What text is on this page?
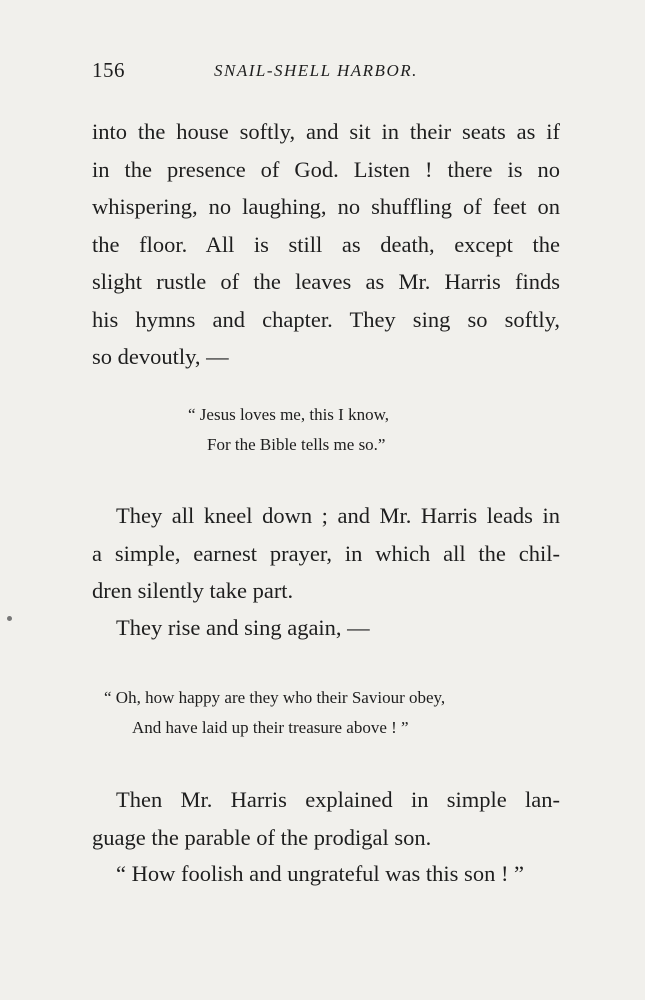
156	SNAIL-SHELL HARBOR.
into the house softly, and sit in their seats as if
in the presence of God. Listen ! there is no
whispering, no laughing, no shuffling of feet on
the floor. All is still as death, except the
slight rustle of the leaves as Mr. Harris finds
his hymns and chapter. They sing so softly,
so devoutly, —
“ Jesus loves me, this I know,
For the Bible tells me so.”
They all kneel down ; and Mr. Harris leads in
a simple, earnest prayer, in which all the chil-
dren silently take part.
They rise and sing again, —
“ Oh, how happy are they who their Saviour obey,
And have laid up their treasure above ! ”
Then Mr. Harris explained in simple lan-
guage the parable of the prodigal son.
“ How foolish and ungrateful was this son ! ”
